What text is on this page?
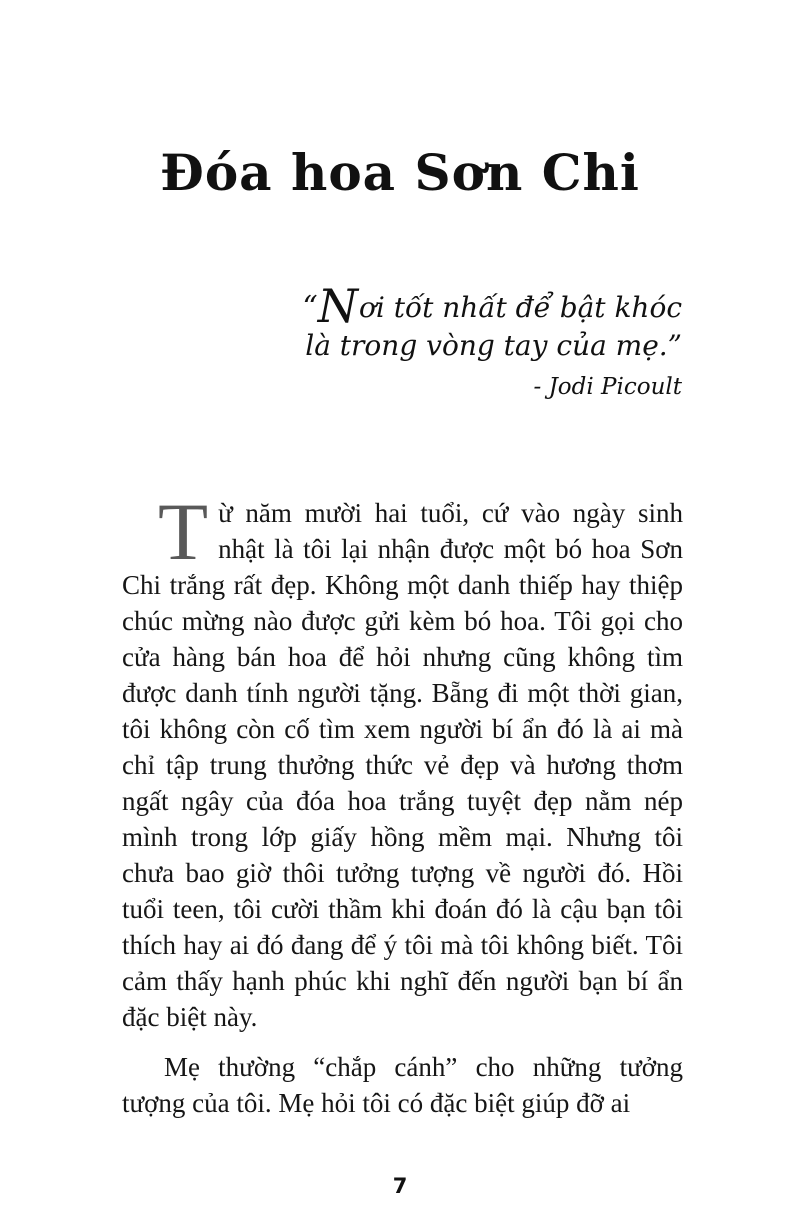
Đóa hoa Sơn Chi
“Nơi tốt nhất để bật khóc
là trong vòng tay của mẹ.”
- Jodi Picoult

Từ năm mười hai tuổi, cứ vào ngày sinh nhật là tôi lại nhận được một bó hoa Sơn Chi trắng rất đẹp. Không một danh thiếp hay thiệp chúc mừng nào được gửi kèm bó hoa. Tôi gọi cho cửa hàng bán hoa để hỏi nhưng cũng không tìm được danh tính người tặng. Bẵng đi một thời gian, tôi không còn cố tìm xem người bí ẩn đó là ai mà chỉ tập trung thưởng thức vẻ đẹp và hương thơm ngất ngây của đóa hoa trắng tuyệt đẹp nằm nép mình trong lớp giấy hồng mềm mại. Nhưng tôi chưa bao giờ thôi tưởng tượng về người đó. Hồi tuổi teen, tôi cười thầm khi đoán đó là cậu bạn tôi thích hay ai đó đang để ý tôi mà tôi không biết. Tôi cảm thấy hạnh phúc khi nghĩ đến người bạn bí ẩn đặc biệt này.

Mẹ thường “chắp cánh” cho những tưởng tượng của tôi. Mẹ hỏi tôi có đặc biệt giúp đỡ ai

7
